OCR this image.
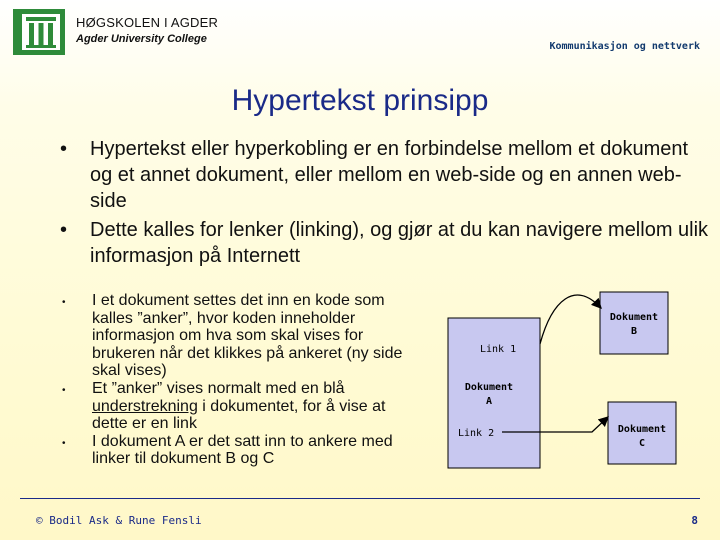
HØGSKOLEN I AGDER
Agder University College
Kommunikasjon og nettverk
Hypertekst prinsipp
• Hypertekst eller hyperkobling er en forbindelse mellom et dokument og et annet dokument, eller mellom en web-side og en annen web-side
• Dette kalles for lenker (linking), og gjør at du kan navigere mellom ulik informasjon på Internett
• I et dokument settes det inn en kode som kalles ”anker”, hvor koden inneholder informasjon om hva som skal vises for brukeren når det klikkes på ankeret (ny side skal vises)
• Et ”anker” vises normalt med en blå understrekning i dokumentet, for å vise at dette er en link
• I dokument A er det satt inn to ankere med linker til dokument B og C
Link 1
Dokument
A
Link 2
Dokument
B
Dokument
C
© Bodil Ask & Rune Fensli	8
